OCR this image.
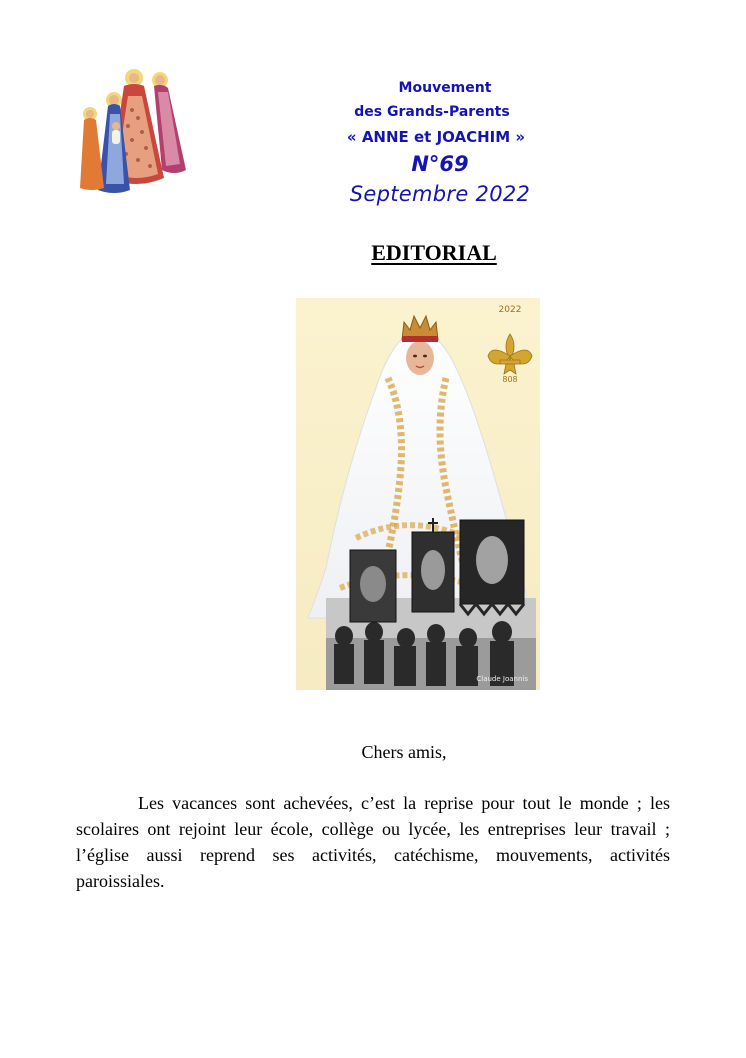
Mouvement
des Grands-Parents
« ANNE et JOACHIM »
N°69
Septembre 2022
EDITORIAL
2022
808
Claude Joannis
Chers amis,

Les vacances sont achevées, c’est la reprise pour tout le monde ; les scolaires ont rejoint leur école, collège ou lycée, les entreprises leur travail ; l’église aussi reprend ses activités, catéchisme, mouvements, activités paroissiales.
